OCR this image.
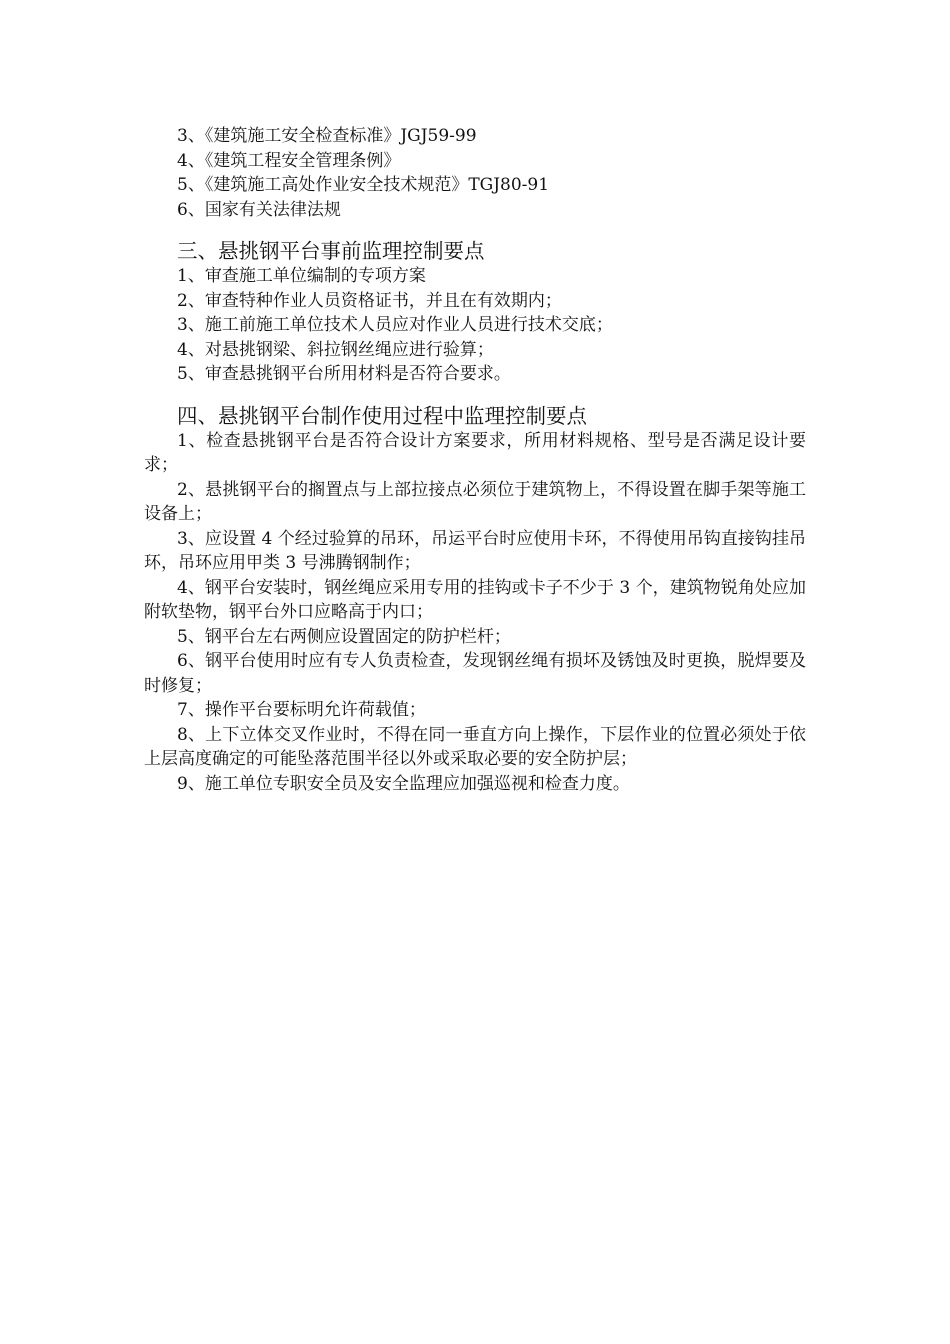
3、《建筑施工安全检查标准》JGJ59-99
4、《建筑工程安全管理条例》
5、《建筑施工高处作业安全技术规范》TGJ80-91
6、国家有关法律法规
三、悬挑钢平台事前监理控制要点
1、审查施工单位编制的专项方案
2、审查特种作业人员资格证书，并且在有效期内；
3、施工前施工单位技术人员应对作业人员进行技术交底；
4、对悬挑钢梁、斜拉钢丝绳应进行验算；
5、审查悬挑钢平台所用材料是否符合要求。
四、悬挑钢平台制作使用过程中监理控制要点

1、检查悬挑钢平台是否符合设计方案要求，所用材料规格、型号是否满足设计要求；

2、悬挑钢平台的搁置点与上部拉接点必须位于建筑物上，不得设置在脚手架等施工设备上；

3、应设置 4 个经过验算的吊环，吊运平台时应使用卡环，不得使用吊钩直接钩挂吊环，吊环应用甲类 3 号沸腾钢制作；

4、钢平台安装时，钢丝绳应采用专用的挂钩或卡子不少于 3 个，建筑物锐角处应加附软垫物，钢平台外口应略高于内口；

5、钢平台左右两侧应设置固定的防护栏杆；

6、钢平台使用时应有专人负责检查，发现钢丝绳有损坏及锈蚀及时更换，脱焊要及时修复；

7、操作平台要标明允许荷载值；

8、上下立体交叉作业时，不得在同一垂直方向上操作，下层作业的位置必须处于依上层高度确定的可能坠落范围半径以外或采取必要的安全防护层；

9、施工单位专职安全员及安全监理应加强巡视和检查力度。
